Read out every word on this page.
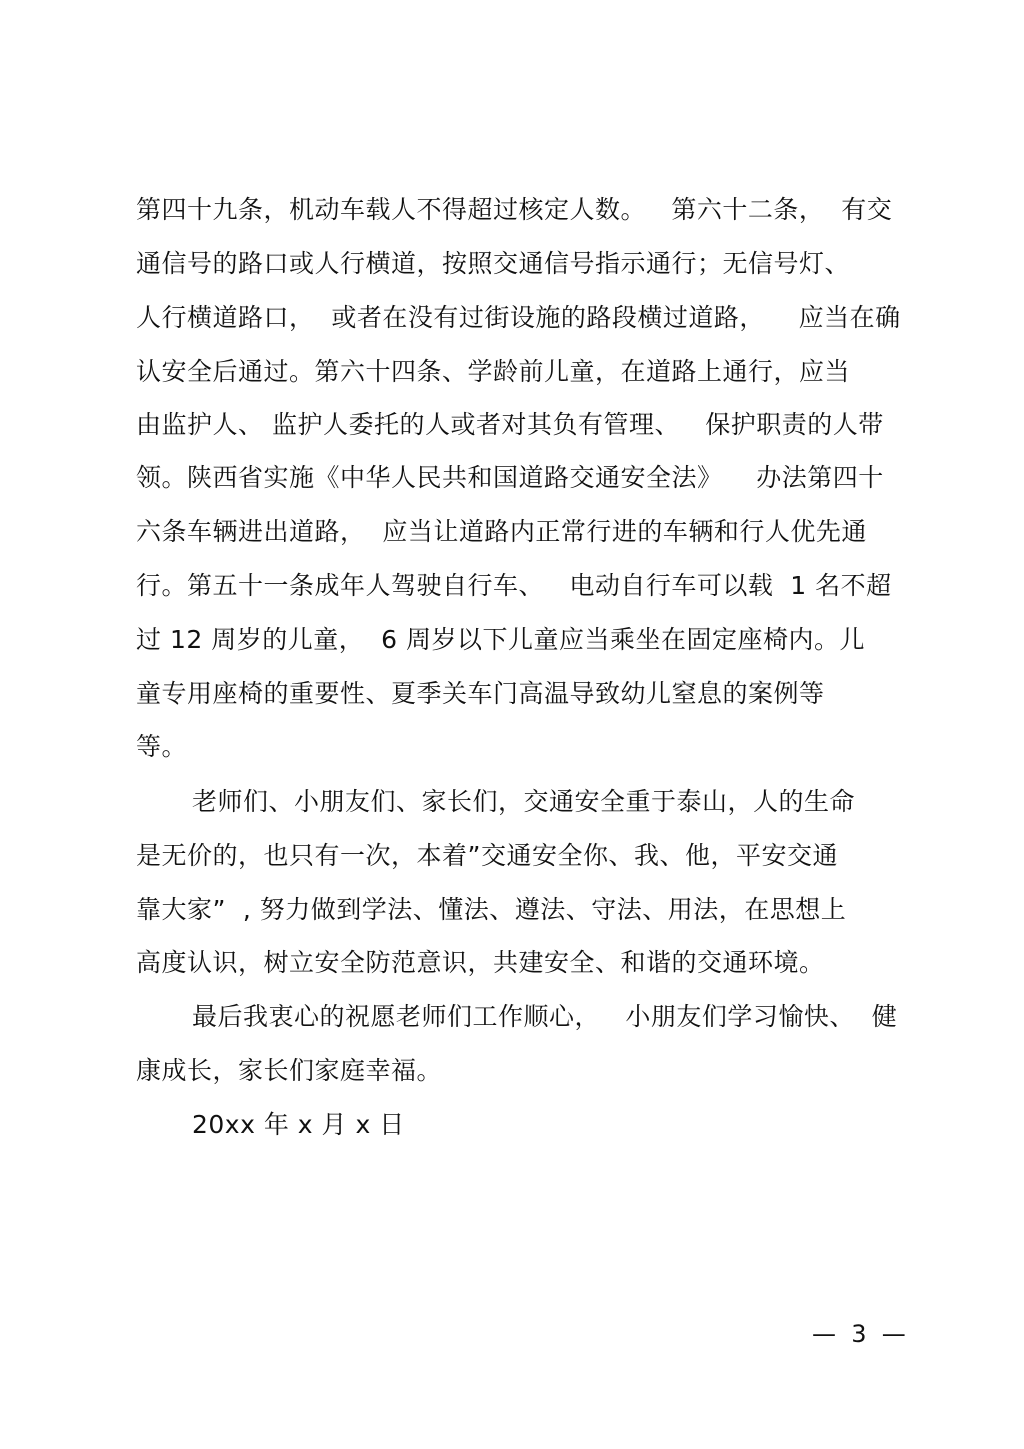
第四十九条，机动车载人不得超过核定人数。   第六十二条，  有交
通信号的路口或人行横道，按照交通信号指示通行；无信号灯、
人行横道路口，  或者在没有过街设施的路段横过道路，    应当在确
认安全后通过。第六十四条、学龄前儿童，在道路上通行，应当
由监护人、 监护人委托的人或者对其负有管理、   保护职责的人带
领。陕西省实施《中华人民共和国道路交通安全法》    办法第四十
六条车辆进出道路，  应当让道路内正常行进的车辆和行人优先通
行。第五十一条成年人驾驶自行车、   电动自行车可以载  1 名不超
过 12 周岁的儿童，  6 周岁以下儿童应当乘坐在固定座椅内。儿
童专用座椅的重要性、夏季关车门高温导致幼儿窒息的案例等
等。
老师们、小朋友们、家长们，交通安全重于泰山，人的生命
是无价的，也只有一次，本着”交通安全你、我、他，平安交通
靠大家”  , 努力做到学法、懂法、遵法、守法、用法，在思想上
高度认识，树立安全防范意识，共建安全、和谐的交通环境。
最后我衷心的祝愿老师们工作顺心，   小朋友们学习愉快、  健
康成长，家长们家庭幸福。
20xx 年 x 月 x 日
—  3  —
